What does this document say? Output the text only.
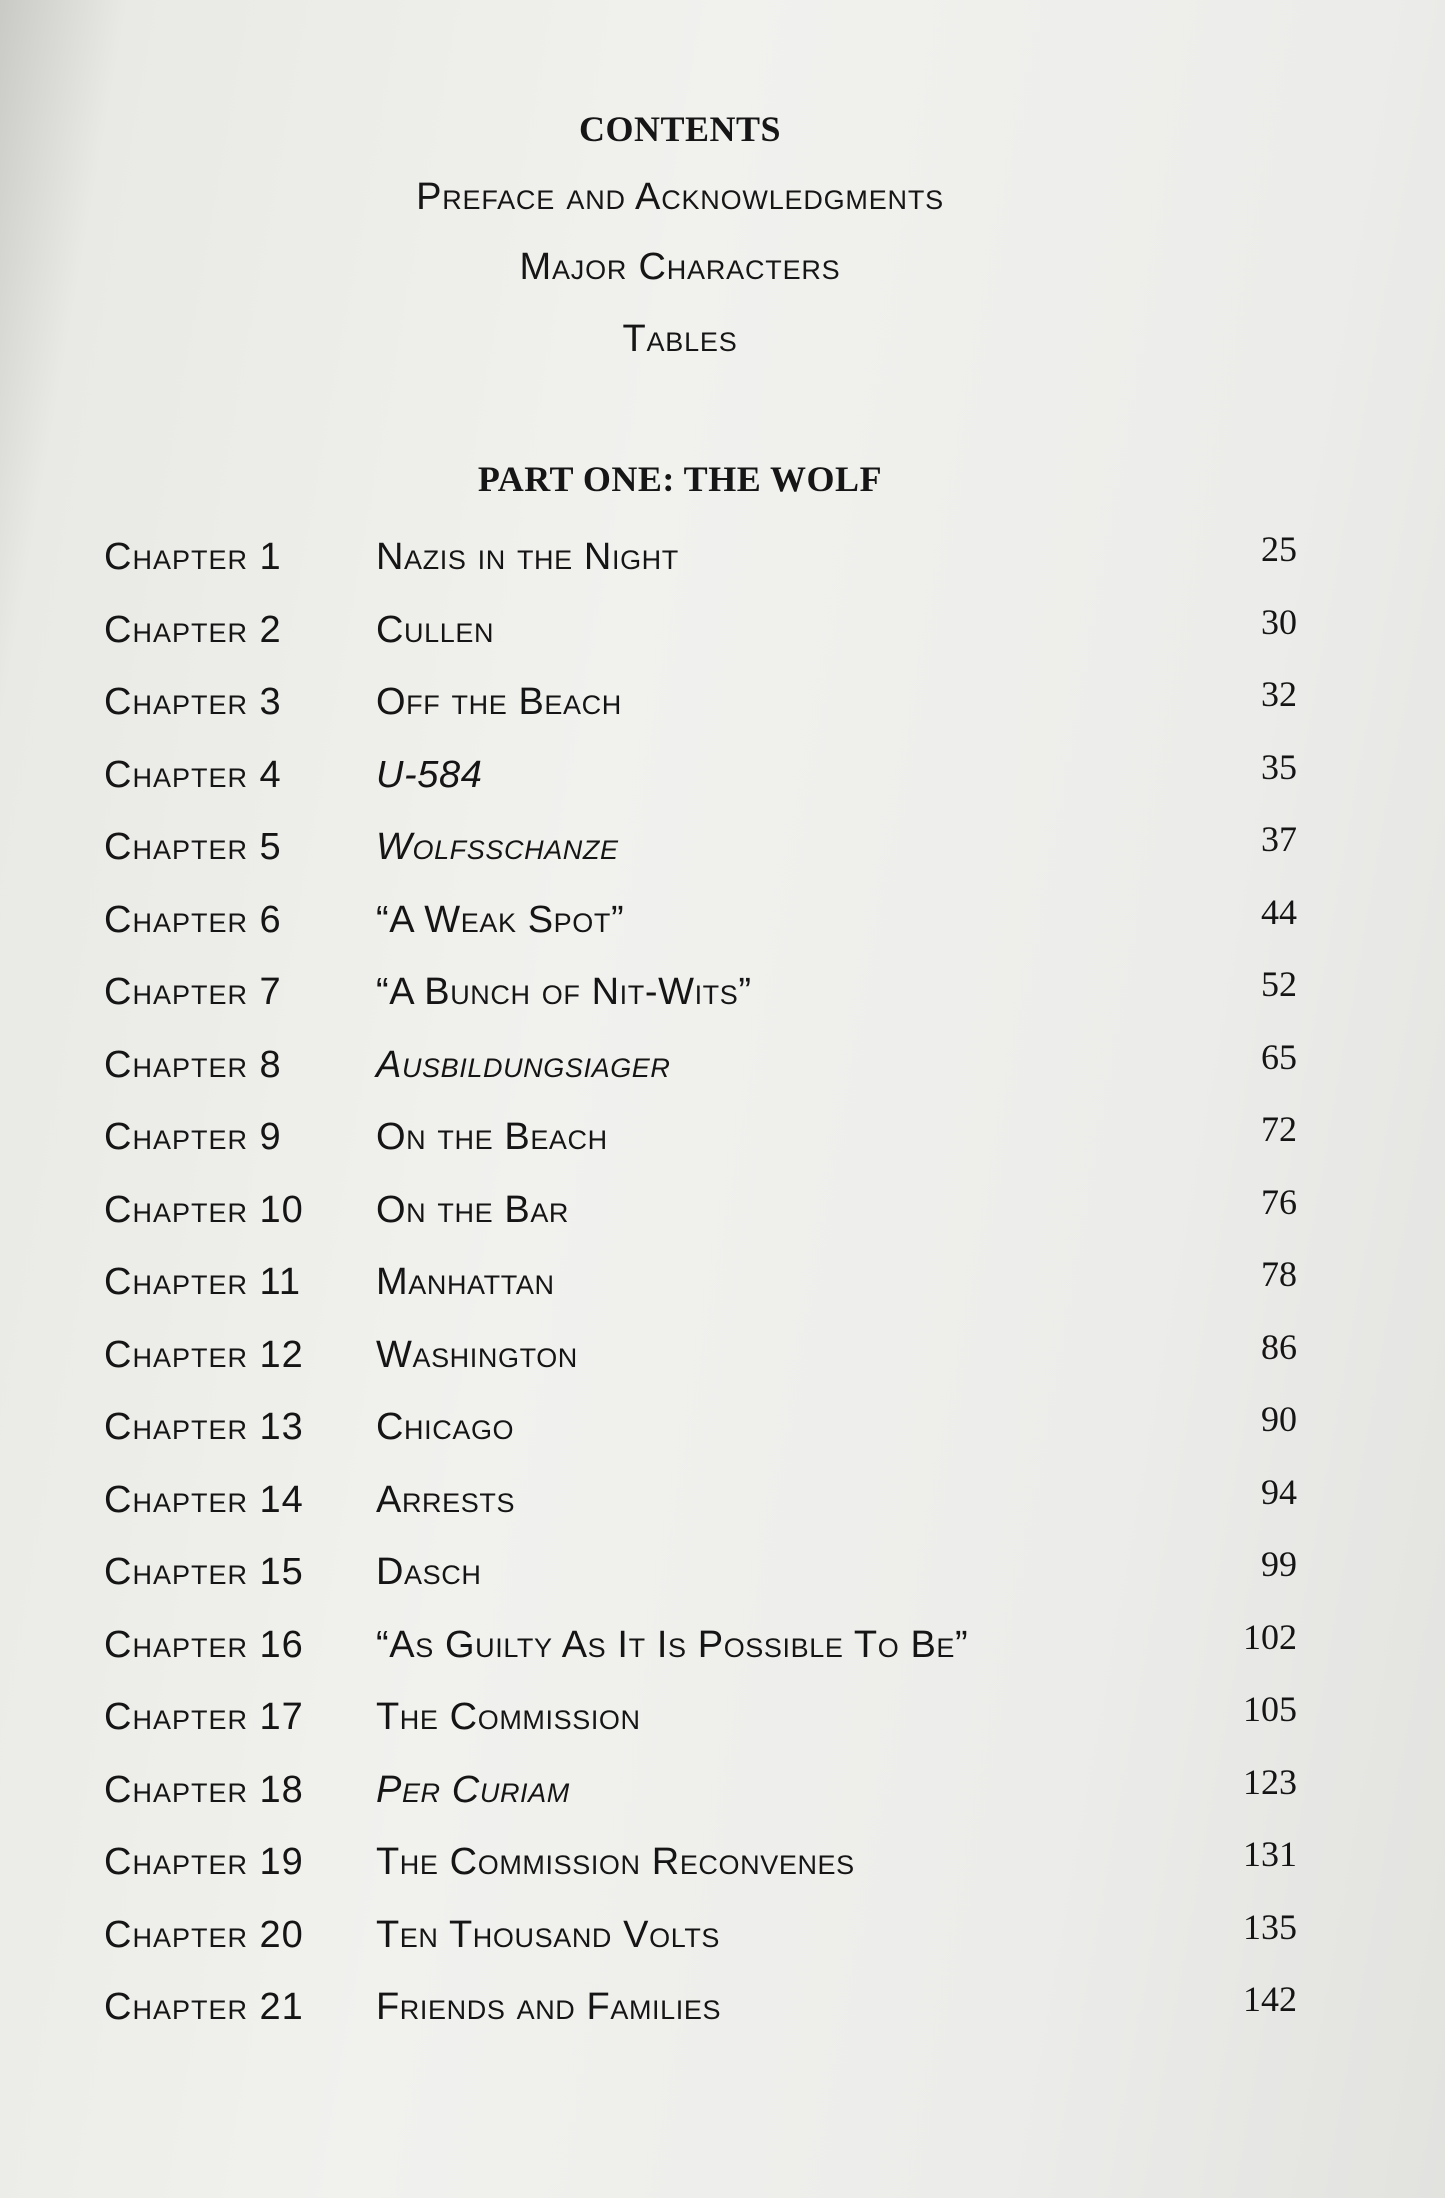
CONTENTS
Preface and Acknowledgments
Major Characters
Tables
PART ONE: THE WOLF
Chapter 1 Nazis in the Night	25
Chapter 2 Cullen	30
Chapter 3 Off the Beach	32
Chapter 4 U-584	35
Chapter 5 Wolfsschanze	37
Chapter 6 “A Weak Spot”	44
Chapter 7 “A Bunch of Nit-Wits”	52
Chapter 8 Ausbildungsiager	65
Chapter 9 On the Beach	72
Chapter 10 On the Bar	76
Chapter 11 Manhattan	78
Chapter 12 Washington	86
Chapter 13 Chicago	90
Chapter 14 Arrests	94
Chapter 15 Dasch	99
Chapter 16 “As Guilty As It Is Possible To Be”	102
Chapter 17 The Commission	105
Chapter 18 Per Curiam	123
Chapter 19 The Commission Reconvenes	131
Chapter 20 Ten Thousand Volts	135
Chapter 21 Friends and Families	142
